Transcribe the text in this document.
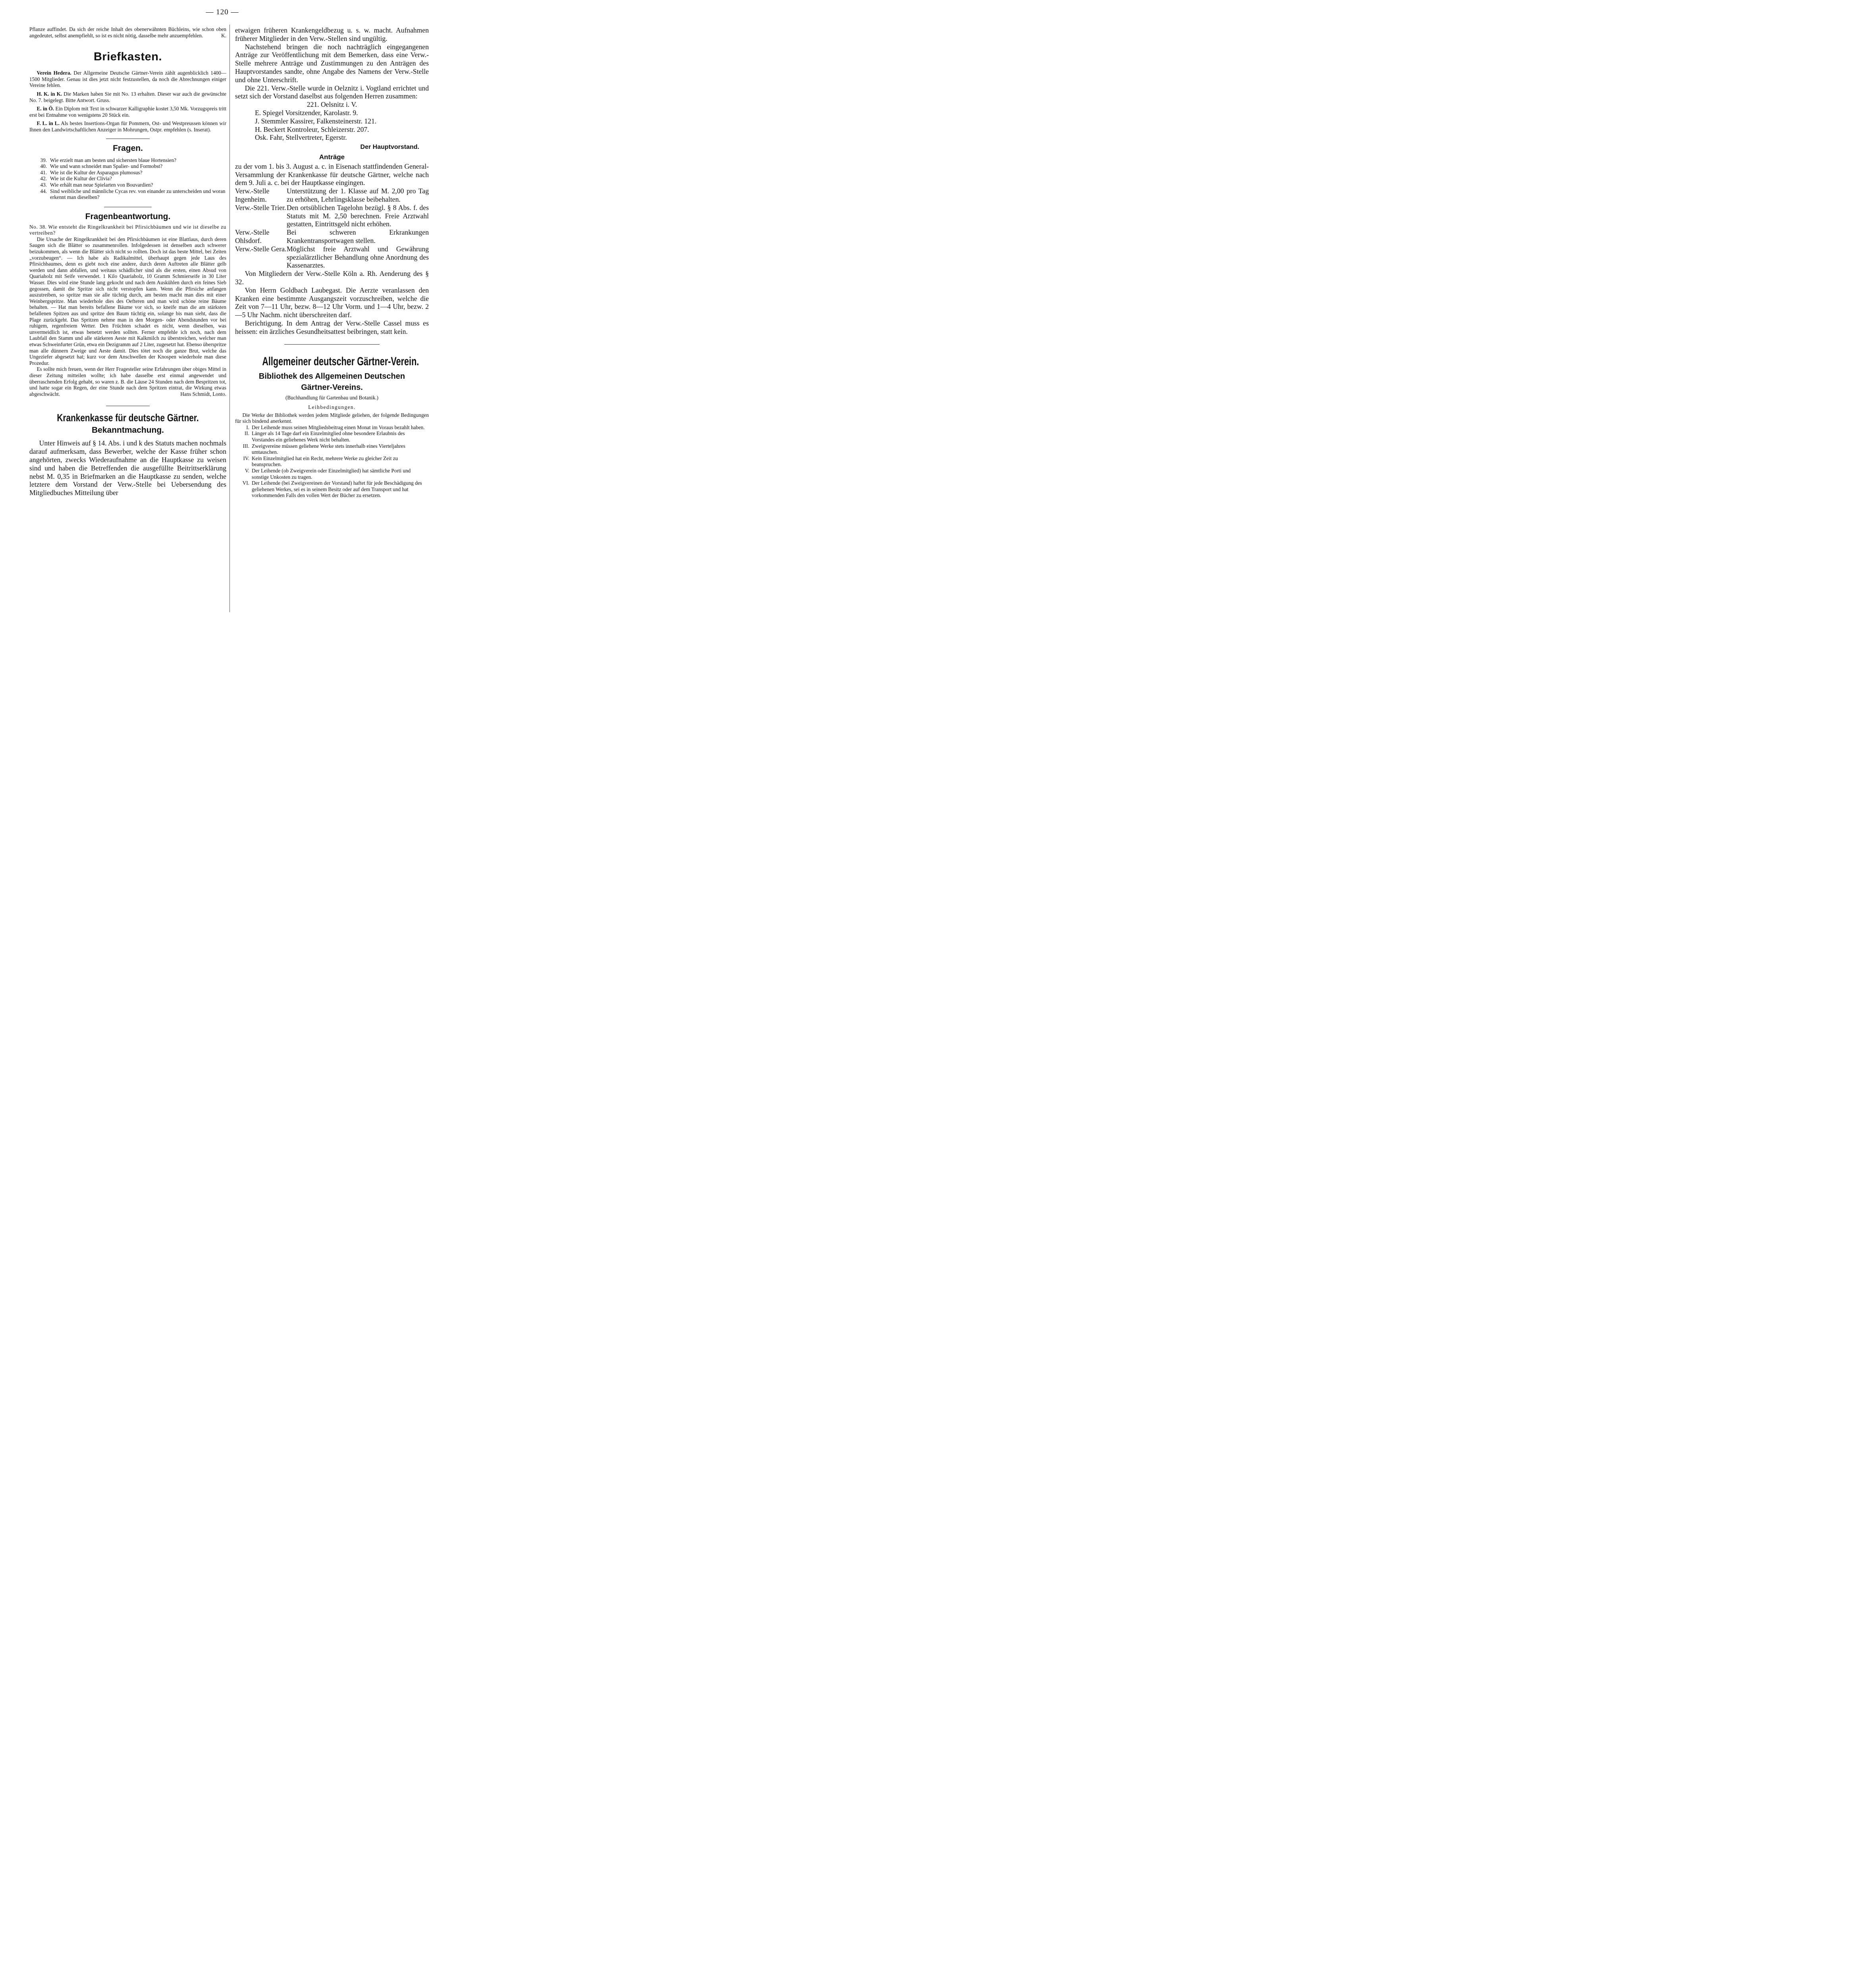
— 120 —

Pflanze auffindet. Da sich der reiche Inhalt des obenerwähnten Büchleins, wie schon oben angedeutet, selbst anempfiehlt, so ist es nicht nötig, dasselbe mehr anzuempfehlen.	K.

Briefkasten.

Verein Hedera. Der Allgemeine Deutsche Gärtner-Verein zählt augenblicklich 1400—1500 Mitglieder. Genau ist dies jetzt nicht festzustellen, da noch die Abrechnungen einiger Vereine fehlen.

H. K. in K. Die Marken haben Sie mit No. 13 erhalten. Dieser war auch die gewünschte No. 7. beigelegt. Bitte Antwort. Gruss.

E. in Ö. Ein Diplom mit Text in schwarzer Kalligraphie kostet 3,50 Mk. Vorzugspreis tritt erst bei Entnahme von wenigstens 20 Stück ein.

F. L. in L. Als bestes Insertions-Organ für Pommern, Ost- und Westpreussen können wir Ihnen den Landwirtschaftlichen Anzeiger in Mohrungen, Ostpr. empfehlen (s. Inserat).

Fragen.
39. Wie erzielt man am besten und sichersten blaue Hortensien?
40. Wie und wann schneidet man Spalier- und Formobst?
41. Wie ist die Kultur der Asparagus plumosus?
42. Wie ist die Kultur der Clivia?
43. Wie erhält man neue Spielarten von Bouvardien?
44. Sind weibliche und männliche Cycas rev. von einander zu unterscheiden und woran erkennt man dieselben?
Fragenbeantwortung.

No. 38. Wie entsteht die Ringelkrankheit bei Pfirsichbäumen und wie ist dieselbe zu vertreiben?

Die Ursache der Ringelkrankheit bei den Pfirsichbäumen ist eine Blattlaus, durch deren Saugen sich die Blätter so zusammenrollen. Infolgedessen ist denselben auch schwerer beizukommen, als wenn die Blätter sich nicht so rollten. Doch ist das beste Mittel, bei Zeiten „vorzubeugen“. — Ich habe als Radikalmittel, überhaupt gegen jede Laus des Pfirsichbaumes, denn es giebt noch eine andere, durch deren Auftreten alle Blätter gelb werden und dann abfallen, und weitaus schädlicher sind als die ersten, einen Absud von Quariaholz mit Seife verwendet. 1 Kilo Quariaholz, 10 Gramm Schmierseife in 30 Liter Wasser. Dies wird eine Stunde lang gekocht und nach dem Auskühlen durch ein feines Sieb gegossen, damit die Spritze sich nicht verstopfen kann. Wenn die Pfirsiche anfangen auszutreiben, so spritze man sie alle tüchtig durch, am besten macht man dies mit einer Weinbergspritze. Man wiederhole dies des Oefteren und man wird schöne reine Bäume behalten. — Hat man bereits befallene Bäume vor sich, so kneife man die am stärksten befallenen Spitzen aus und spritze den Baum tüchtig ein, solange bis man sieht, dass die Plage zurückgeht. Das Spritzen nehme man in den Morgen- oder Abendstunden vor bei ruhigem, regenfreiem Wetter. Den Früchten schadet es nicht, wenn dieselben, was unvermeidlich ist, etwas benetzt werden sollten. Ferner empfehle ich noch, nach dem Laubfall den Stamm und alle stärkeren Aeste mit Kalkmilch zu überstreichen, welcher man etwas Schweinfurter Grün, etwa ein Dezigramm auf 2 Liter, zugesetzt hat. Ebenso überspritze man alle dünnern Zweige und Aeste damit. Dies tötet noch die ganze Brut, welche das Ungeziefer abgesetzt hat; kurz vor dem Anschwellen der Knospen wiederhole man diese Prozedur.

Es sollte mich freuen, wenn der Herr Fragesteller seine Erfahrungen über obiges Mittel in dieser Zeitung mitteilen wollte; ich habe dasselbe erst einmal angewendet und überraschenden Erfolg gehabt, so waren z. B. die Läuse 24 Stunden nach dem Bespritzen tot, und hatte sogar ein Regen, der eine Stunde nach dem Spritzen eintrat, die Wirkung etwas abgeschwächt.	Hans Schmidt, Lonto.

Krankenkasse für deutsche Gärtner.
Bekanntmachung.

Unter Hinweis auf § 14. Abs. i und k des Statuts machen nochmals darauf aufmerksam, dass Bewerber, welche der Kasse früher schon angehörten, zwecks Wiederaufnahme an die Hauptkasse zu weisen sind und haben die Betreffenden die ausgefüllte Beitrittserklärung nebst M. 0,35 in Briefmarken an die Hauptkasse zu senden, welche letztere dem Vorstand der Verw.-Stelle bei Uebersendung des Mitgliedbuches Mitteilung über

etwaigen früheren Krankengeldbezug u. s. w. macht. Aufnahmen früherer Mitglieder in den Verw.-Stellen sind ungültig.

Nachstehend bringen die noch nachträglich eingegangenen Anträge zur Veröffentlichung mit dem Bemerken, dass eine Verw.-Stelle mehrere Anträge und Zustimmungen zu den Anträgen des Hauptvorstandes sandte, ohne Angabe des Namens der Verw.-Stelle und ohne Unterschrift.

Die 221. Verw.-Stelle wurde in Oelznitz i. Vogtland errichtet und setzt sich der Vorstand daselbst aus folgenden Herren zusammen:

221. Oelsnitz i. V.
E. Spiegel Vorsitzender, Karolastr. 9.
J. Stemmler Kassirer, Falkensteinerstr. 121.
H. Beckert Kontroleur, Schleizerstr. 207.
Osk. Fahr, Stellvertreter, Egerstr.
Der Hauptvorstand.
Anträge

zu der vom 1. bis 3. August a. c. in Eisenach stattfindenden General-Versammlung der Krankenkasse für deutsche Gärtner, welche nach dem 9. Juli a. c. bei der Hauptkasse eingingen.

Verw.-Stelle Ingenheim.
Unterstützung der 1. Klasse auf M. 2,00 pro Tag zu erhöhen, Lehrlingsklasse beibehalten.
Verw.-Stelle Trier. Den ortsüblichen Tagelohn bezügl. § 8 Abs. f. des Statuts mit M. 2,50 berechnen. Freie Arztwahl gestatten, Eintrittsgeld nicht erhöhen.
Verw.-Stelle Ohlsdorf.
Bei schweren Erkrankungen Krankentransportwagen stellen.
Verw.-Stelle Gera. Möglichst freie Arztwahl und Gewährung spezialärztlicher Behandlung ohne Anordnung des Kassenarztes.

Von Mitgliedern der Verw.-Stelle Köln a. Rh. Aenderung des § 32.

Von Herrn Goldbach Laubegast. Die Aerzte veranlassen den Kranken eine bestimmte Ausgangszeit vorzuschreiben, welche die Zeit von 7—11 Uhr, bezw. 8—12 Uhr Vorm. und 1—4 Uhr, bezw. 2—5 Uhr Nachm. nicht überschreiten darf.

Berichtigung. In dem Antrag der Verw.-Stelle Cassel muss es heissen: ein ärzliches Gesundheitsattest beibringen, statt kein.

Allgemeiner deutscher Gärtner-Verein.
Bibliothek des Allgemeinen Deutschen Gärtner-Vereins.
(Buchhandlung für Gartenbau und Botanik.)
Leihbedingungen.

Die Werke der Bibliothek werden jedem Mitgliede geliehen, der folgende Bedingungen für sich bindend anerkennt.

I. Der Leihende muss seinen Mitgliedsbeitrag einen Monat im Voraus bezahlt haben.
II. Länger als 14 Tage darf ein Einzelmitglied ohne besondere Erlaubnis des Vorstandes ein geliehenes Werk nicht behalten.
III. Zweigvereine müssen geliehene Werke stets innerhalb eines Vierteljahres umtauschen.
IV. Kein Einzelmitglied hat ein Recht, mehrere Werke zu gleicher Zeit zu beanspruchen.
V. Der Leihende (ob Zweigverein oder Einzelmitglied) hat sämtliche Porti und sonstige Unkosten zu tragen.
VI. Der Leihende (bei Zweigvereinen der Vorstand) haftet für jede Beschädigung des geliehenen Werkes, sei es in seinem Besitz oder auf dem Transport und hat vorkommenden Falls den vollen Wert der Bücher zu ersetzen.
